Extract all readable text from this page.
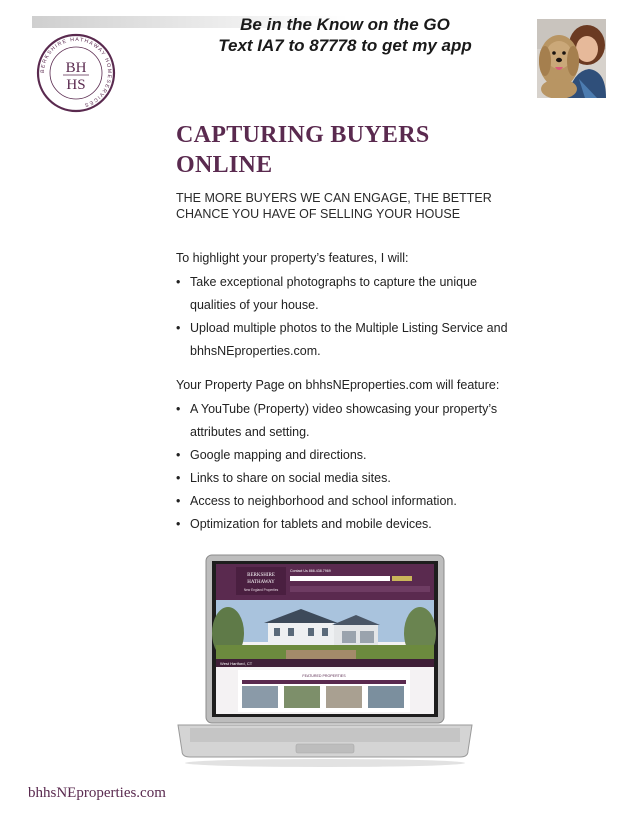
Be in the Know on the GO
Text IA7 to 87778 to get my app
BERKSHIRE HATHAWAY HOMESERVICES
BH
HS
CAPTURING BUYERS
ONLINE
THE MORE BUYERS WE CAN ENGAGE, THE BETTER
CHANCE YOU HAVE OF SELLING YOUR HOUSE
To highlight your property’s features, I will:
• Take exceptional photographs to capture the unique
qualities of your house.
• Upload multiple photos to the Multiple Listing Service and
bhhsNEproperties.com.
Your Property Page on bhhsNEproperties.com will feature:
• A YouTube (Property) video showcasing your property’s
attributes and setting.
• Google mapping and directions.
• Links to share on social media sites.
• Access to neighborhood and school information.
• Optimization for tablets and mobile devices.
BERKSHIRE
HATHAWAY
New England Properties
Contact Us 866.438.7969
West Hartford, CT
FEATURED PROPERTIES
bhhsNEproperties.com
